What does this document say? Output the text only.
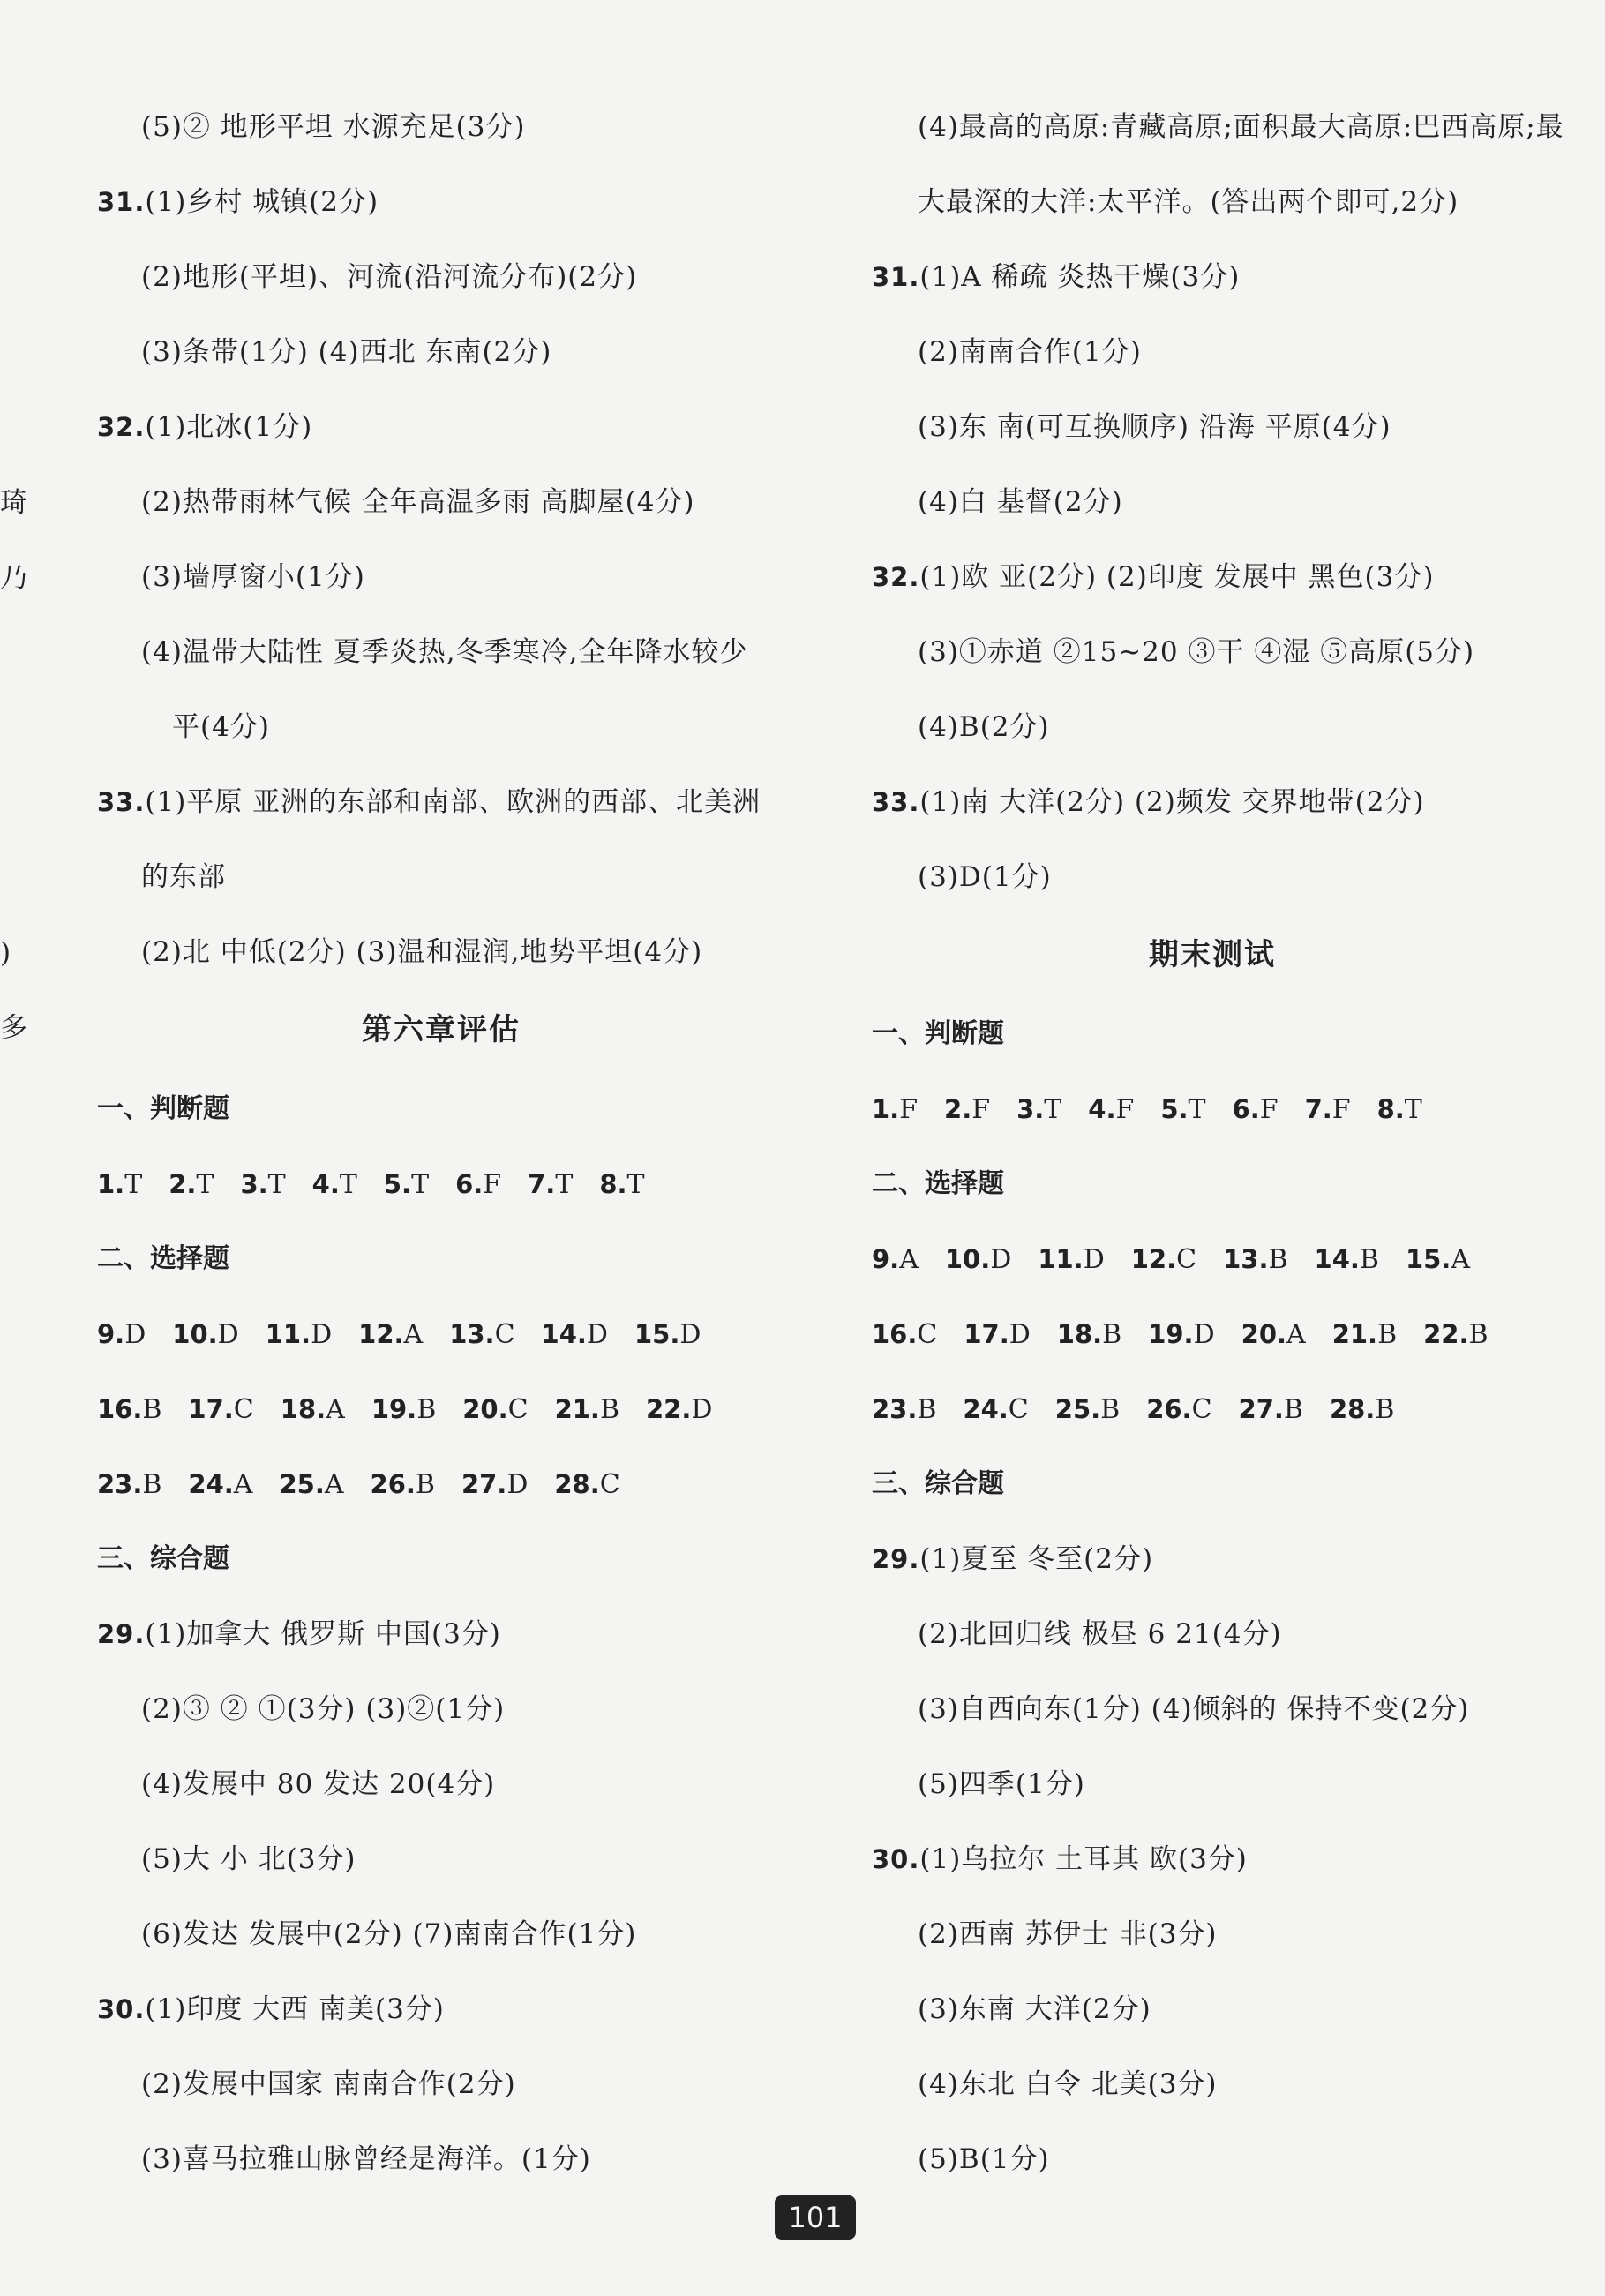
琦
乃
)
多
(5)② 地形平坦 水源充足(3分)
31.(1)乡村 城镇(2分)
(2)地形(平坦)、河流(沿河流分布)(2分)
(3)条带(1分) (4)西北 东南(2分)
32.(1)北冰(1分)
(2)热带雨林气候 全年高温多雨 高脚屋(4分)
(3)墙厚窗小(1分)
(4)温带大陆性 夏季炎热,冬季寒冷,全年降水较少
平(4分)
33.(1)平原 亚洲的东部和南部、欧洲的西部、北美洲
的东部
(2)北 中低(2分) (3)温和湿润,地势平坦(4分)
第六章评估
一、判断题
1.T 2.T 3.T 4.T 5.T 6.F 7.T 8.T
二、选择题
9.D 10.D 11.D 12.A 13.C 14.D 15.D
16.B 17.C 18.A 19.B 20.C 21.B 22.D
23.B 24.A 25.A 26.B 27.D 28.C
三、综合题
29.(1)加拿大 俄罗斯 中国(3分)
(2)③ ② ①(3分) (3)②(1分)
(4)发展中 80 发达 20(4分)
(5)大 小 北(3分)
(6)发达 发展中(2分) (7)南南合作(1分)
30.(1)印度 大西 南美(3分)
(2)发展中国家 南南合作(2分)
(3)喜马拉雅山脉曾经是海洋。(1分)
(4)最高的高原:青藏高原;面积最大高原:巴西高原;最
大最深的大洋:太平洋。(答出两个即可,2分)
31.(1)A 稀疏 炎热干燥(3分)
(2)南南合作(1分)
(3)东 南(可互换顺序) 沿海 平原(4分)
(4)白 基督(2分)
32.(1)欧 亚(2分) (2)印度 发展中 黑色(3分)
(3)①赤道 ②15~20 ③干 ④湿 ⑤高原(5分)
(4)B(2分)
33.(1)南 大洋(2分) (2)频发 交界地带(2分)
(3)D(1分)
期末测试
一、判断题
1.F 2.F 3.T 4.F 5.T 6.F 7.F 8.T
二、选择题
9.A 10.D 11.D 12.C 13.B 14.B 15.A
16.C 17.D 18.B 19.D 20.A 21.B 22.B
23.B 24.C 25.B 26.C 27.B 28.B
三、综合题
29.(1)夏至 冬至(2分)
(2)北回归线 极昼 6 21(4分)
(3)自西向东(1分) (4)倾斜的 保持不变(2分)
(5)四季(1分)
30.(1)乌拉尔 土耳其 欧(3分)
(2)西南 苏伊士 非(3分)
(3)东南 大洋(2分)
(4)东北 白令 北美(3分)
(5)B(1分)
101
